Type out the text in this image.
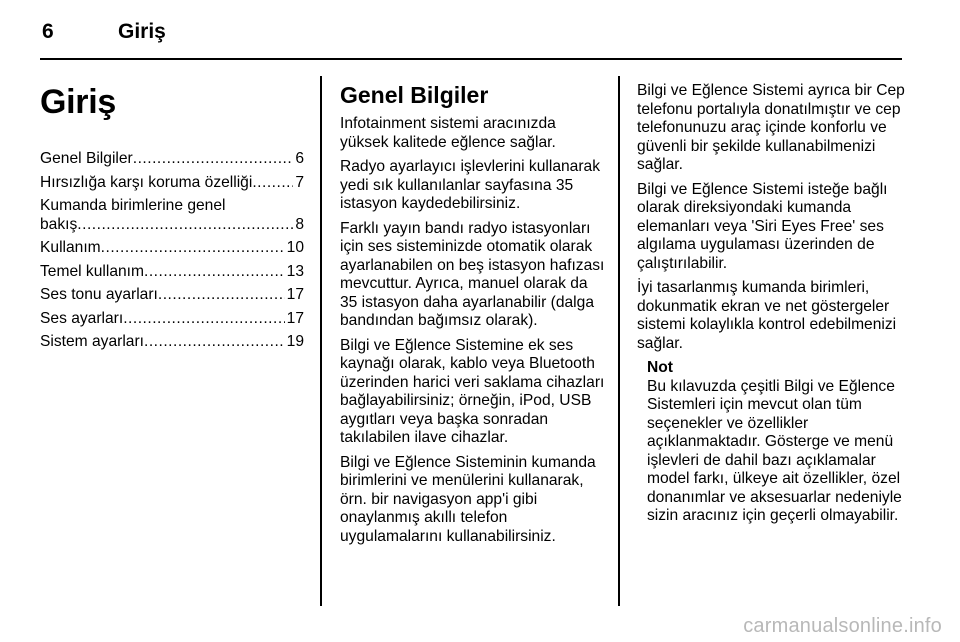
6	Giriş
Giriş
Genel Bilgiler .....	6
Hırsızlığa karşı koruma özelliği .....	7
Kumanda birimlerine genel
bakış .....	8
Kullanım .....	10
Temel kullanım .....	13
Ses tonu ayarları .....	17
Ses ayarları .....	17
Sistem ayarları .....	19
Genel Bilgiler

Infotainment sistemi aracınızda yüksek kalitede eğlence sağlar.

Radyo ayarlayıcı işlevlerini kullanarak yedi sık kullanılanlar sayfasına 35 istasyon kaydedebilirsiniz.

Farklı yayın bandı radyo istasyonları için ses sisteminizde otomatik olarak ayarlanabilen on beş istasyon hafızası mevcuttur. Ayrıca, manuel olarak da 35 istasyon daha ayarlanabilir (dalga bandından bağımsız olarak).

Bilgi ve Eğlence Sistemine ek ses kaynağı olarak, kablo veya Bluetooth üzerinden harici veri saklama cihazları bağlayabilirsiniz; örneğin, iPod, USB aygıtları veya başka sonradan takılabilen ilave cihazlar.

Bilgi ve Eğlence Sisteminin kumanda birimlerini ve menülerini kullanarak, örn. bir navigasyon app'i gibi onaylanmış akıllı telefon uygulamalarını kullanabilirsiniz.

Bilgi ve Eğlence Sistemi ayrıca bir Cep telefonu portalıyla donatılmıştır ve cep telefonunuzu araç içinde konforlu ve güvenli bir şekilde kullanabilmenizi sağlar.

Bilgi ve Eğlence Sistemi isteğe bağlı olarak direksiyondaki kumanda elemanları veya 'Siri Eyes Free' ses algılama uygulaması üzerinden de çalıştırılabilir.

İyi tasarlanmış kumanda birimleri, dokunmatik ekran ve net göstergeler sistemi kolaylıkla kontrol edebilmenizi sağlar.

Not
Bu kılavuzda çeşitli Bilgi ve Eğlence Sistemleri için mevcut olan tüm seçenekler ve özellikler açıklanmaktadır. Gösterge ve menü işlevleri de dahil bazı açıklamalar model farkı, ülkeye ait özellikler, özel donanımlar ve aksesuarlar nedeniyle sizin aracınız için geçerli olmayabilir.
carmanualsonline.info
